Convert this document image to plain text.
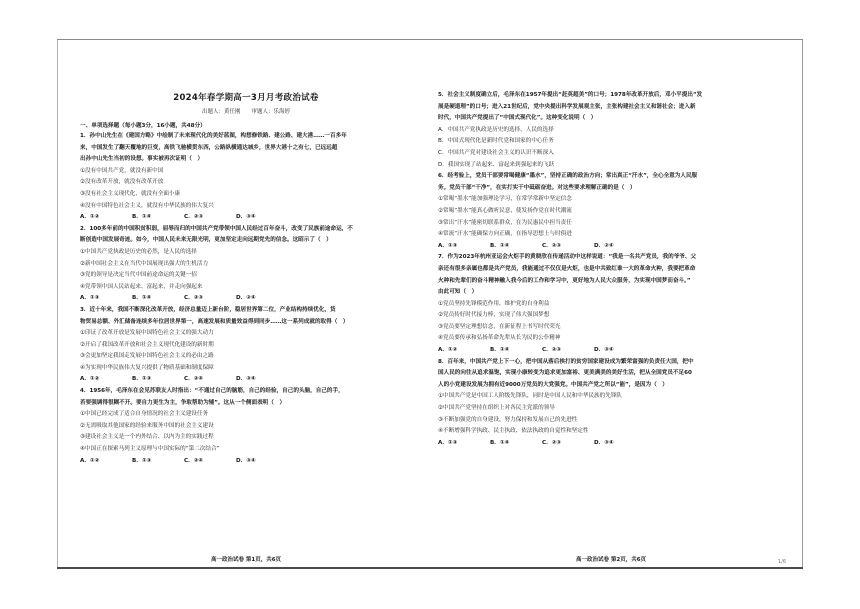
1/6
2024年春学期高一3月月考政治试卷
出题人：黄任刚　　审题人：乐海婷
一、单项选择题（每小题3分，16小题，共48分）
1．孙中山先生在《建国方略》中绘制了未来现代化的美好蓝图，构想修铁路、建公路、建大港……一百多年
来，中国发生了翻天覆地的巨变，高铁飞驰横贯东西，公路纵横通达城乡，世界大港十之有七，已远远超
出孙中山先生当初的设想。事实被再次证明（　）
①没有中国共产党，就没有新中国
②没有改革开放，就没有改革开放
③没有社会主义现代化，就没有全面小康
④没有中国特色社会主义，就没有中华民族的伟大复兴
A．①②	B．①④	C．②③	D．③④
2．100多年前的中国积贫积弱，屈辱而归的中国共产党带领中国人民经过百年奋斗，改变了民族前途命运，不
断创造中国发展奇迹。如今，中国人民未来无限光明，更加坚定走向远期党先的信念。这昭示了（　）
①中国共产党执政是历史的必然，是人民的选择
②新中国社会主义在当代中国展现出强大的生机活力
③党的领导是决定当代中国前途命运的关键一招
④党带领中国人民站起来、富起来，并走向强起来
A．①③	B．①④	C．②③	D．②④
3．近十年来，我国不断深化改革开放，经济总量迈上新台阶，稳居世界第二位，产业结构持续优化，货
物贸易总额、外汇储备连续多年位居世界第一，高速发展和质量效益得到同步……这一系列成就的取得（　）
①印证了改革开放是发展中国特色社会主义的强大动力
②开启了我国改革开放和社会主义现代化建设的新时期
③会更加坚定我国走发展中国特色社会主义的必由之路
④为实现中华民族伟大复兴提供了物质基础和制度保障
A．①②	B．①③	C．②④	D．③④
4．1956年，毛泽东在会见苏联友人时指出：“不通过自己的脑筋，自己的经验，自己的头脑，自己的手，
若要强调得很糊不开。要自力更生为主，争取帮助为辅”。这从一个侧面表明（　）
①中国已经完成了适合自身情况的社会主义建设任务
②无需吸取其他国家的经验来服务中国的社会主义建设
③建设社会主义是一个内外结合、以内为主的实践过程
④中国正在探索马列主义原理与中国实际的“第二次结合”
A．①②	B．①③	C．②④	D．③④
高一政治试卷 第1页，共6页
5．社会主义制度确立后，毛泽东在1957年提出“赶英超美”的口号；1978年改革开放后，邓小平提出“发
展是硬道理”的口号；进入21世纪后，党中央提出科学发展观主张，主张构建社会主义和谐社会；进入新
时代，中国共产党提出了“中国式现代化”。这种变化说明（　）
A．中国共产党执政是历史的选择、人民的选择
B．中国式现代化是新时代党和国家的中心任务
C．中国共产党对建设社会主义的认识不断深入
D．我国实现了站起来、富起来到强起来的飞跃
6．经考验上，党员干部要常喝健康“墨水”，坚持正确的政治方向；常出真正“汗水”，全心全意为人民服
务。党员干部“干净”，在实打实干中砥砺奋进。对这些要求理解正确的是（　）
①常喝“墨水”能加强理论学习，在常学常新中坚定信念
②常喝“墨水”能真心做听民意，使发扬作党在时代潮流
③常出“汗水”能密切联系群众，在为民惠民中担当责任
④常流“汗水”能确保方向正确，在指导思想上与时俱进
A．①③	B．①④	C．②③	D．②④
7．作为2023年杭州亚运会火炬手的黄晓欣在传递活动中这样说道：“我是一名共产党员，我的爷爷、父
亲还有很多亲属也都是共产党员，我能通过不仅仅是火炬，也是中共致红谁一大的革命火种，我要把革命
火种和先辈们的奋斗精神融入我今后的工作和学习中，更好地为人民大众服务，为实现中国梦而奋斗。”
由此可知（　）
①党员坚持先锋模范作用，维护党的自身利益
②党员传好时代接力棒，实现了伟大强国梦想
③党员要坚定理想信念，在新征程上书写时代荣光
④党员要传承和弘扬革命先辈从长为民的公仆精神
A．①②	B．①④	C．②③	D．③④
8．百年来，中国共产党上下一心，把中国从落后挨打的贫穷国家建设成为繁荣富强的负责任大国，把中
国人民的向往从追求温饱，实现小康转变为追求更加富裕、更美满美的美好生活，把从全国党员不足60
人的小党建设发展为拥有近9000万党员的大党强党。中国共产党之所以“能”，是因为（　）
①中国共产党是中国工人阶级先锋队，同时是中国人民和中华民族的先锋队
②中国共产党坚持在组织上对各民主党派的领导
③不断加强党的自身建设，努力保持和发展自己的先进性
④不断增强科学执政、民主执政、依法执政的自觉性和坚定性
A．①③	B．①④	C．②③	D．③④
高一政治试卷 第2页，共6页
